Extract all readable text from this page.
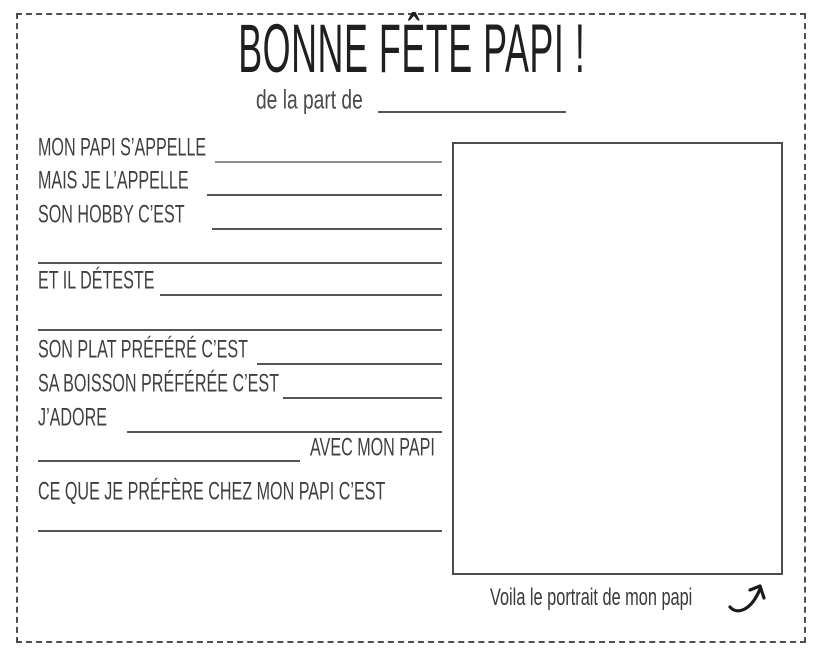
BONNE FÊTE PAPI !
de la part de
MON PAPI S’APPELLE
MAIS JE L’APPELLE
SON HOBBY C’EST
ET IL DÉTESTE
SON PLAT PRÉFÉRÉ C’EST
SA BOISSON PRÉFÉRÉE C’EST
J’ADORE
AVEC MON PAPI
CE QUE JE PRÉFÈRE CHEZ MON PAPI C’EST
Voila le portrait de mon papi
